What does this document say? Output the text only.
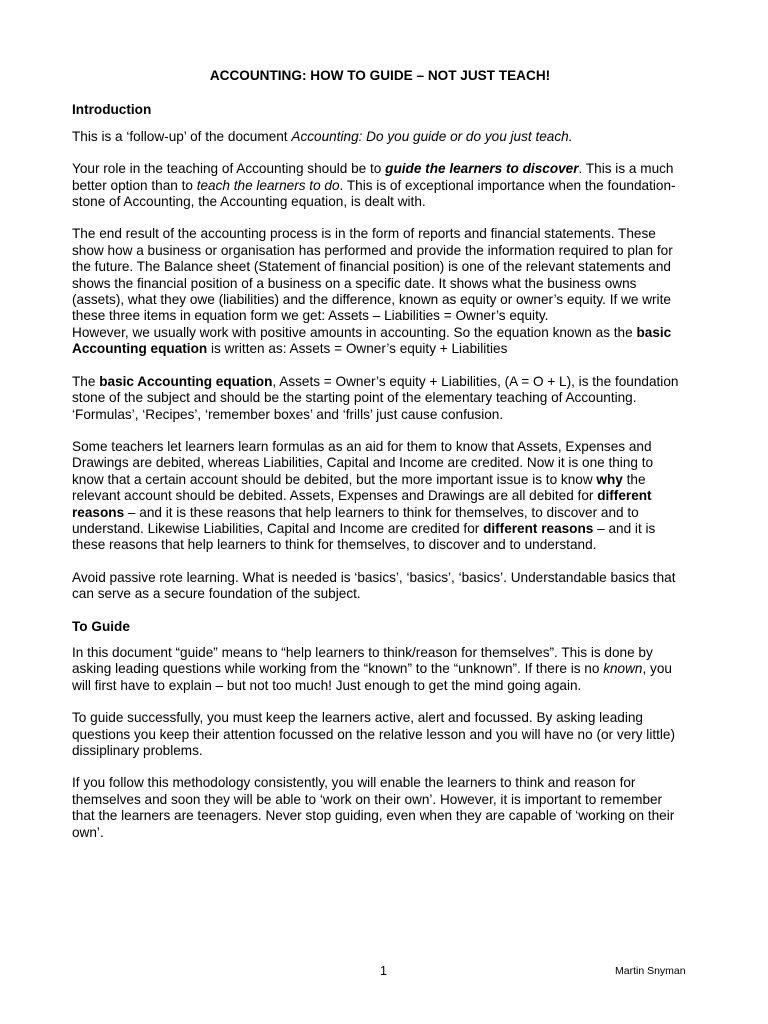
ACCOUNTING: HOW TO GUIDE – NOT JUST TEACH!
Introduction

This is a ‘follow-up’ of the document Accounting: Do you guide or do you just teach.

Your role in the teaching of Accounting should be to guide the learners to discover. This is a much better option than to teach the learners to do. This is of exceptional importance when the foundation-stone of Accounting, the Accounting equation, is dealt with.

The end result of the accounting process is in the form of reports and financial statements. These show how a business or organisation has performed and provide the information required to plan for the future. The Balance sheet (Statement of financial position) is one of the relevant statements and shows the financial position of a business on a specific date. It shows what the business owns (assets), what they owe (liabilities) and the difference, known as equity or owner’s equity. If we write these three items in equation form we get: Assets – Liabilities = Owner’s equity.
However, we usually work with positive amounts in accounting. So the equation known as the basic Accounting equation is written as: Assets = Owner’s equity + Liabilities

The basic Accounting equation, Assets = Owner’s equity + Liabilities, (A = O + L), is the foundation stone of the subject and should be the starting point of the elementary teaching of Accounting. ‘Formulas’, ‘Recipes’, ‘remember boxes’ and ‘frills’ just cause confusion.

Some teachers let learners learn formulas as an aid for them to know that Assets, Expenses and Drawings are debited, whereas Liabilities, Capital and Income are credited. Now it is one thing to know that a certain account should be debited, but the more important issue is to know why the relevant account should be debited. Assets, Expenses and Drawings are all debited for different reasons – and it is these reasons that help learners to think for themselves, to discover and to understand. Likewise Liabilities, Capital and Income are credited for different reasons – and it is these reasons that help learners to think for themselves, to discover and to understand.

Avoid passive rote learning. What is needed is ‘basics’, ‘basics’, ‘basics’. Understandable basics that can serve as a secure foundation of the subject.

To Guide

In this document “guide” means to “help learners to think/reason for themselves”. This is done by asking leading questions while working from the “known” to the “unknown”. If there is no known, you will first have to explain – but not too much! Just enough to get the mind going again.

To guide successfully, you must keep the learners active, alert and focussed. By asking leading questions you keep their attention focussed on the relative lesson and you will have no (or very little) dissiplinary problems.

If you follow this methodology consistently, you will enable the learners to think and reason for themselves and soon they will be able to ‘work on their own’. However, it is important to remember that the learners are teenagers. Never stop guiding, even when they are capable of ‘working on their own’.

1	Martin Snyman
